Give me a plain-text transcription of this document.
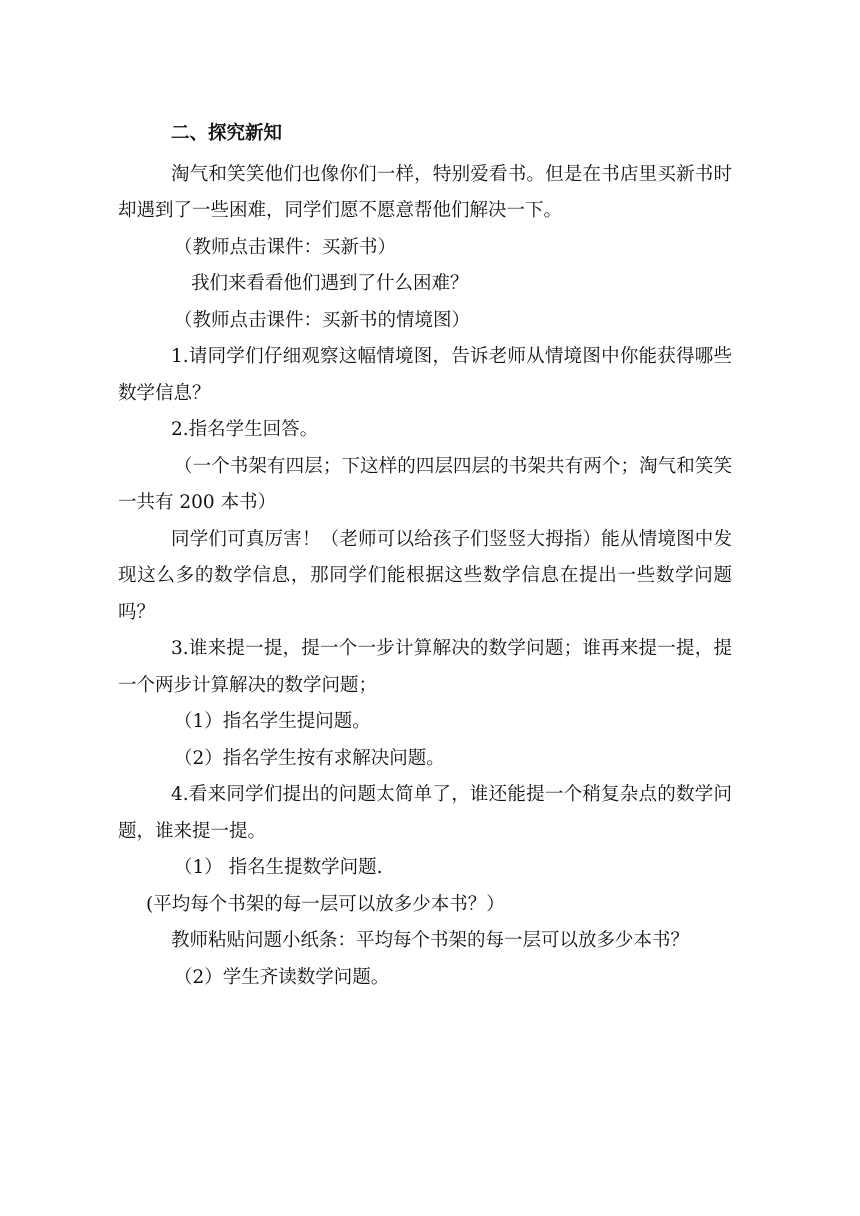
二、探究新知

淘气和笑笑他们也像你们一样，特别爱看书。但是在书店里买新书时却遇到了一些困难，同学们愿不愿意帮他们解决一下。

（教师点击课件：买新书）

我们来看看他们遇到了什么困难？

（教师点击课件：买新书的情境图）

1.请同学们仔细观察这幅情境图，告诉老师从情境图中你能获得哪些数学信息？

2.指名学生回答。

（一个书架有四层；下这样的四层四层的书架共有两个；淘气和笑笑一共有 200 本书）

同学们可真厉害！（老师可以给孩子们竖竖大拇指）能从情境图中发现这么多的数学信息，那同学们能根据这些数学信息在提出一些数学问题吗？

3.谁来提一提，提一个一步计算解决的数学问题；谁再来提一提，提一个两步计算解决的数学问题；

（1）指名学生提问题。

（2）指名学生按有求解决问题。

4.看来同学们提出的问题太简单了，谁还能提一个稍复杂点的数学问题，谁来提一提。

（1） 指名生提数学问题.

(平均每个书架的每一层可以放多少本书？）

教师粘贴问题小纸条：平均每个书架的每一层可以放多少本书？

（2）学生齐读数学问题。
